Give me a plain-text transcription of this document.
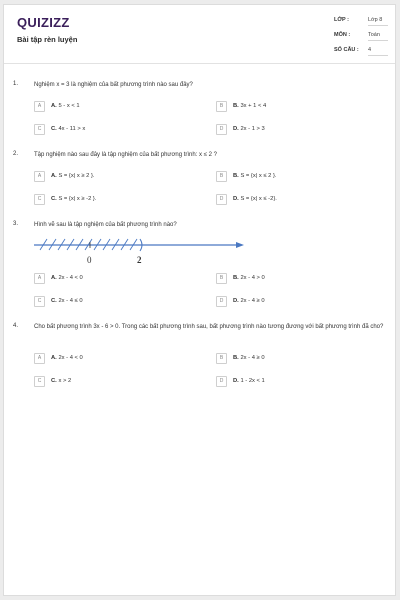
QUIZIZZ
Bài tập rèn luyện
LỚP :	Lớp 8
MÔN :	Toán
SỐ CÂU : 4
1.	Nghiệm x = 3 là nghiệm của bất phương trình nào sau đây?
A	A. 5 - x < 1	B	B. 3x + 1 < 4
C	C. 4x - 11 > x	D	D. 2x - 1 > 3
2.	Tập nghiệm nào sau đây là tập nghiệm của bất phương trình: x ≤ 2 ?
A	A. S = {x| x ≥ 2 }.	B	B. S = {x| x ≤ 2 }.
C	C. S = {x| x ≥ -2 }.	D	D. S = {x| x ≤ -2}.
3.	Hình vẽ sau là tập nghiệm của bất phương trình nào?
0	2
A	A. 2x - 4 < 0	B	B. 2x - 4 > 0
C	C. 2x - 4 ≤ 0	D	D. 2x - 4 ≥ 0
4.	Cho bất phương trình 3x - 6 > 0. Trong các bất phương trình sau, bất phương trình nào tương đương với bất phương trình đã cho?
A	A. 2x - 4 < 0	B	B. 2x - 4 ≥ 0
C	C. x > 2	D	D. 1 - 2x < 1
